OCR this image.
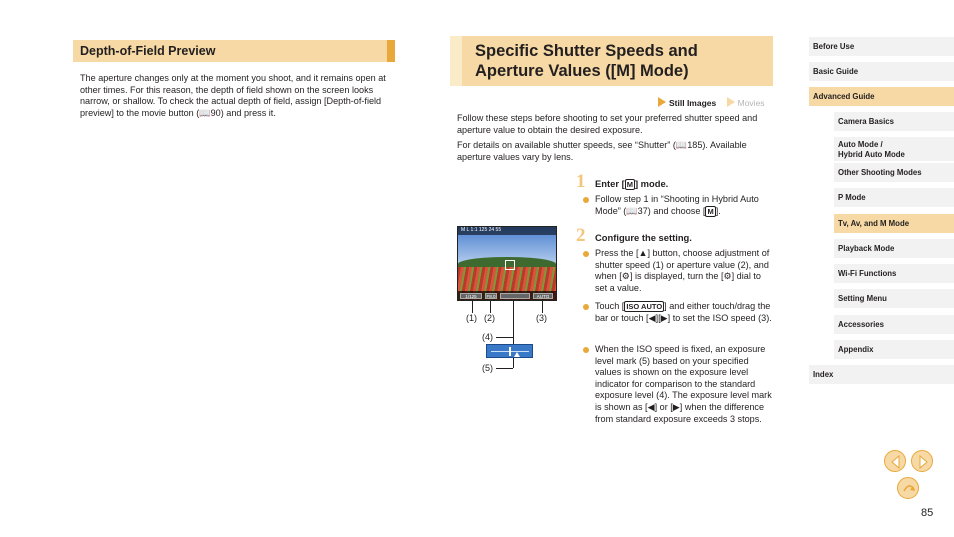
Depth-of-Field Preview
The aperture changes only at the moment you shoot, and it remains open at other times. For this reason, the depth of field shown on the screen looks narrow, or shallow. To check the actual depth of field, assign [Depth-of-field preview] to the movie button (📖90) and press it.
Specific Shutter Speeds and
Aperture Values ([M] Mode)
Still Images	Movies

Follow these steps before shooting to set your preferred shutter speed and aperture value to obtain the desired exposure.

For details on available shutter speeds, see “Shutter” (📖185). Available aperture values vary by lens.

1 Enter [ M ] mode.
Follow step 1 in “Shooting in Hybrid Auto Mode” (📖37) and choose [ M ].
2 Configure the setting.
Press the [▲] button, choose adjustment of shutter speed (1) or aperture value (2), and when [⚙] is displayed, turn the [⚙] dial to set a value.
Touch [ ISO AUTO ] and either touch/drag the bar or touch [◀][▶] to set the ISO speed (3).
When the ISO speed is fixed, an exposure level mark (5) based on your specified values is shown on the exposure level indicator for comparison to the standard exposure level (4). The exposure level mark is shown as [◀] or [▶] when the difference from standard exposure exceeds 3 stops.
M L 1:1 125 24 55
1/125	F8.0	AUTO
(1) (2)	(3)
(4)
(5)
Before Use
Basic Guide
Advanced Guide
Camera Basics
Auto Mode /
Hybrid Auto Mode
Other Shooting Modes
P Mode
Tv, Av, and M Mode
Playback Mode
Wi-Fi Functions
Setting Menu
Accessories
Appendix
Index
85
